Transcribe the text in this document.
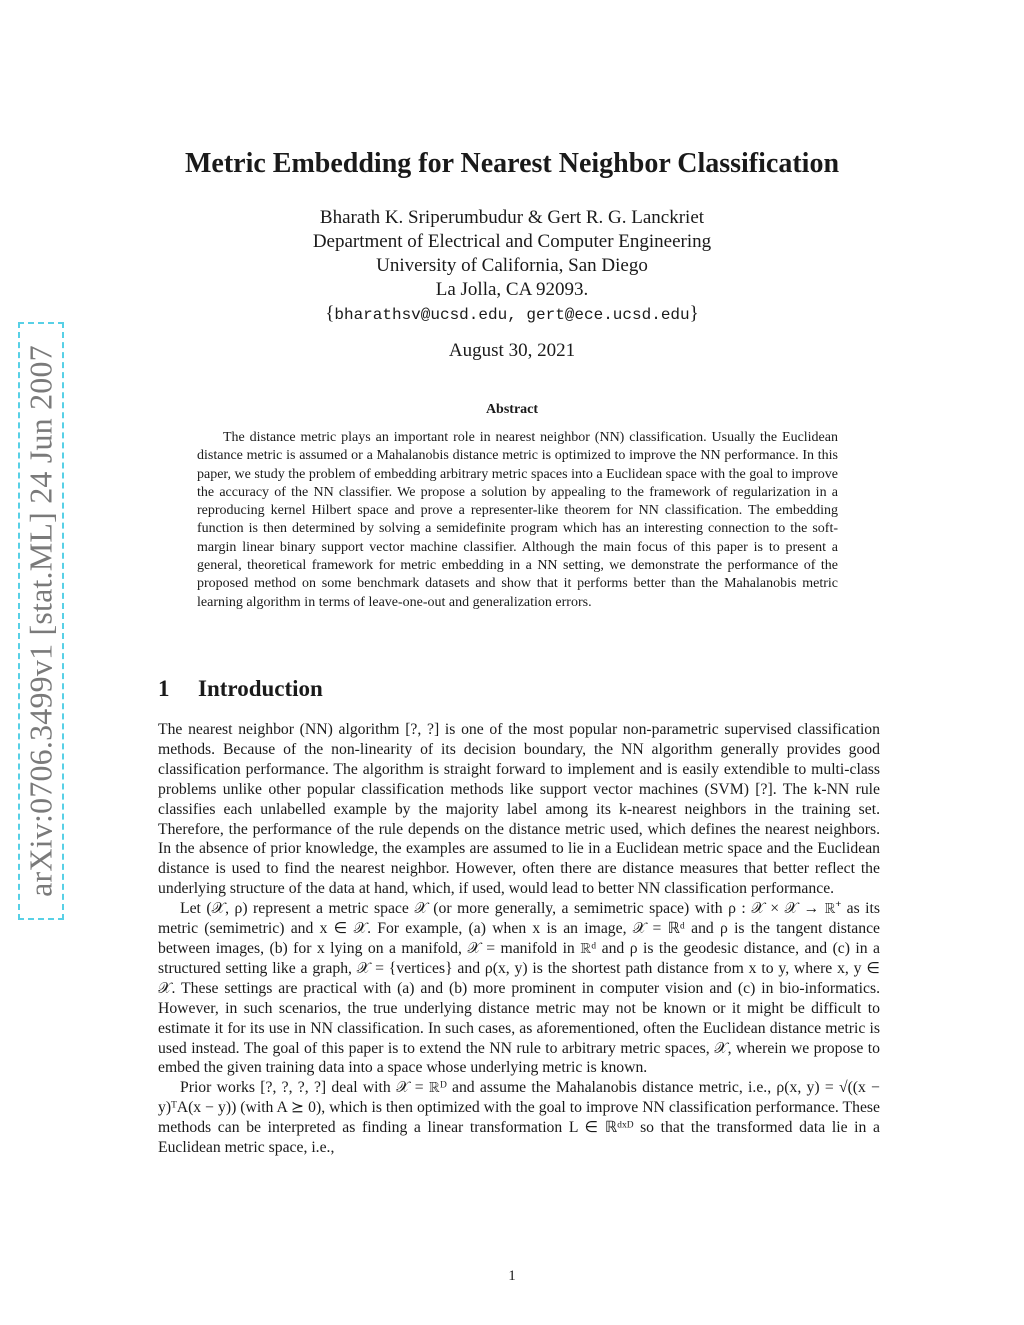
arXiv:0706.3499v1 [stat.ML] 24 Jun 2007
Metric Embedding for Nearest Neighbor Classification
Bharath K. Sriperumbudur & Gert R. G. Lanckriet
Department of Electrical and Computer Engineering
University of California, San Diego
La Jolla, CA 92093.
{bharathsv@ucsd.edu, gert@ece.ucsd.edu}
August 30, 2021
Abstract

The distance metric plays an important role in nearest neighbor (NN) classification. Usually the Euclidean distance metric is assumed or a Mahalanobis distance metric is optimized to improve the NN performance. In this paper, we study the problem of embedding arbitrary metric spaces into a Euclidean space with the goal to improve the accuracy of the NN classifier. We propose a solution by appealing to the framework of regularization in a reproducing kernel Hilbert space and prove a representer-like theorem for NN classification. The embedding function is then determined by solving a semidefinite program which has an interesting connection to the soft-margin linear binary support vector machine classifier. Although the main focus of this paper is to present a general, theoretical framework for metric embedding in a NN setting, we demonstrate the performance of the proposed method on some benchmark datasets and show that it performs better than the Mahalanobis metric learning algorithm in terms of leave-one-out and generalization errors.

1 Introduction

The nearest neighbor (NN) algorithm [?, ?] is one of the most popular non-parametric supervised classification methods. Because of the non-linearity of its decision boundary, the NN algorithm generally provides good classification performance. The algorithm is straight forward to implement and is easily extendible to multi-class problems unlike other popular classification methods like support vector machines (SVM) [?]. The k-NN rule classifies each unlabelled example by the majority label among its k-nearest neighbors in the training set. Therefore, the performance of the rule depends on the distance metric used, which defines the nearest neighbors. In the absence of prior knowledge, the examples are assumed to lie in a Euclidean metric space and the Euclidean distance is used to find the nearest neighbor. However, often there are distance measures that better reflect the underlying structure of the data at hand, which, if used, would lead to better NN classification performance.

Let (𝒳, ρ) represent a metric space 𝒳 (or more generally, a semimetric space) with ρ : 𝒳 × 𝒳 → ℝ⁺ as its metric (semimetric) and x ∈ 𝒳. For example, (a) when x is an image, 𝒳 = ℝᵈ and ρ is the tangent distance between images, (b) for x lying on a manifold, 𝒳 = manifold in ℝᵈ and ρ is the geodesic distance, and (c) in a structured setting like a graph, 𝒳 = {vertices} and ρ(x, y) is the shortest path distance from x to y, where x, y ∈ 𝒳. These settings are practical with (a) and (b) more prominent in computer vision and (c) in bio-informatics. However, in such scenarios, the true underlying distance metric may not be known or it might be difficult to estimate it for its use in NN classification. In such cases, as aforementioned, often the Euclidean distance metric is used instead. The goal of this paper is to extend the NN rule to arbitrary metric spaces, 𝒳, wherein we propose to embed the given training data into a space whose underlying metric is known.

Prior works [?, ?, ?, ?] deal with 𝒳 = ℝᴰ and assume the Mahalanobis distance metric, i.e., ρ(x, y) = √((x − y)ᵀA(x − y)) (with A ⪰ 0), which is then optimized with the goal to improve NN classification performance. These methods can be interpreted as finding a linear transformation L ∈ ℝᵈˣᴰ so that the transformed data lie in a Euclidean metric space, i.e.,

1
